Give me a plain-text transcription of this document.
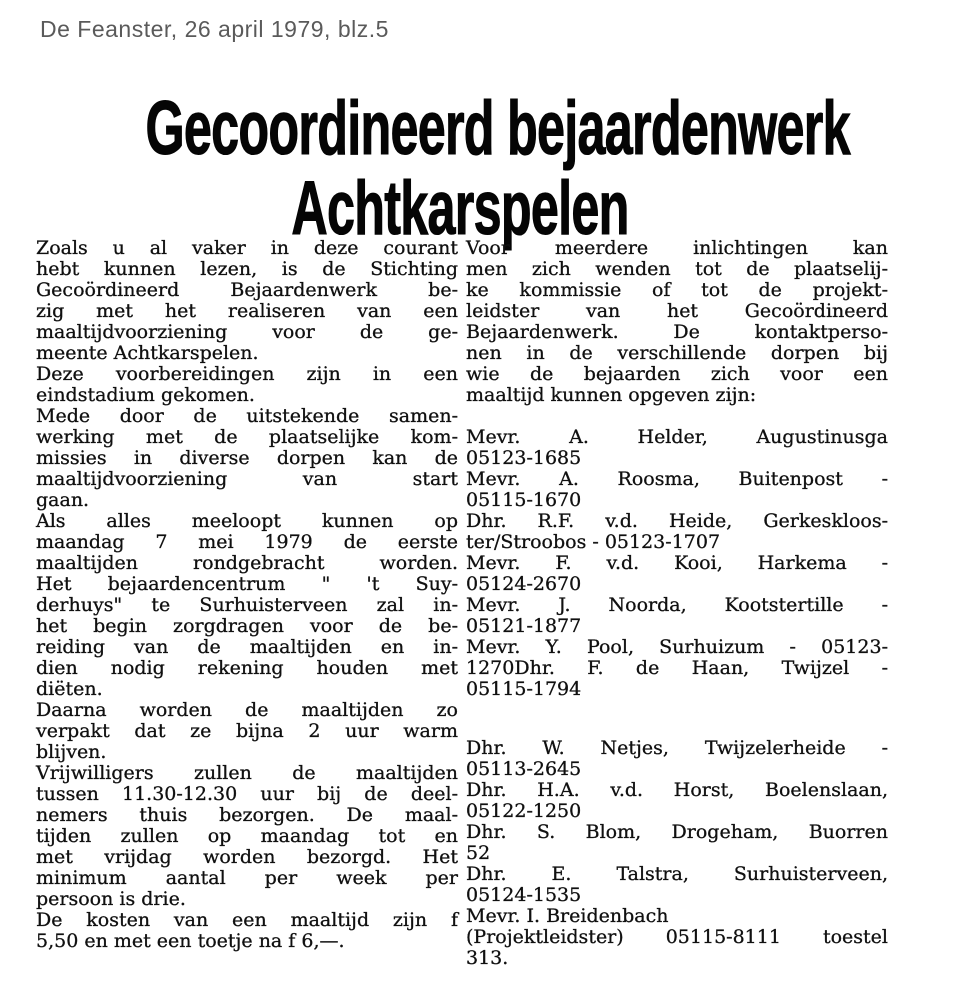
De Feanster, 26 april 1979, blz.5
Gecoordineerd bejaardenwerk
Achtkarspelen
Zoals u al vaker in deze courant
hebt kunnen lezen, is de Stichting
Gecoördineerd Bejaardenwerk be-
zig met het realiseren van een
maaltijdvoorziening voor de ge-
meente Achtkarspelen.
Deze voorbereidingen zijn in een
eindstadium gekomen.
Mede door de uitstekende samen-
werking met de plaatselijke kom-
missies in diverse dorpen kan de
maaltijdvoorziening van start
gaan.
Als alles meeloopt kunnen op
maandag 7 mei 1979 de eerste
maaltijden rondgebracht worden.
Het bejaardencentrum " 't Suy-
derhuys" te Surhuisterveen zal in-
het begin zorgdragen voor de be-
reiding van de maaltijden en in-
dien nodig rekening houden met
diëten.
Daarna worden de maaltijden zo
verpakt dat ze bijna 2 uur warm
blijven.
Vrijwilligers zullen de maaltijden
tussen 11.30-12.30 uur bij de deel-
nemers thuis bezorgen. De maal-
tijden zullen op maandag tot en
met vrijdag worden bezorgd. Het
minimum aantal per week per
persoon is drie.
De kosten van een maaltijd zijn f
5,50 en met een toetje na f 6,—.
Voor meerdere inlichtingen kan
men zich wenden tot de plaatselij-
ke kommissie of tot de projekt-
leidster van het Gecoördineerd
Bejaardenwerk. De kontaktperso-
nen in de verschillende dorpen bij
wie de bejaarden zich voor een
maaltijd kunnen opgeven zijn:
Mevr. A. Helder, Augustinusga
05123-1685
Mevr. A. Roosma, Buitenpost -
05115-1670
Dhr. R.F. v.d. Heide, Gerkeskloos-
ter/Stroobos - 05123-1707
Mevr. F. v.d. Kooi, Harkema -
05124-2670
Mevr. J. Noorda, Kootstertille -
05121-1877
Mevr. Y. Pool, Surhuizum - 05123-
1270Dhr. F. de Haan, Twijzel -
05115-1794
Dhr. W. Netjes, Twijzelerheide -
05113-2645
Dhr. H.A. v.d. Horst, Boelenslaan,
05122-1250
Dhr. S. Blom, Drogeham, Buorren
52
Dhr. E. Talstra, Surhuisterveen,
05124-1535
Mevr. I. Breidenbach
(Projektleidster) 05115-8111 toestel
313.
